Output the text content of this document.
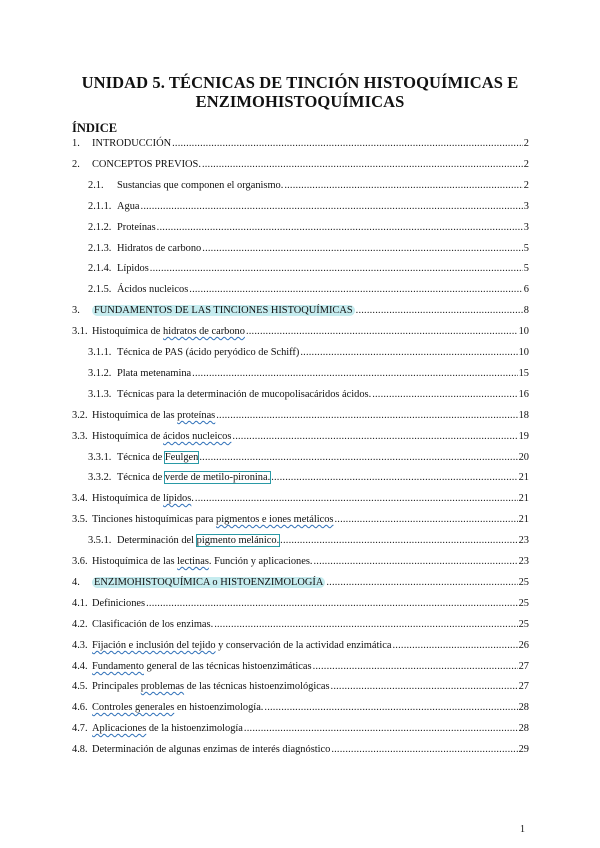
UNIDAD 5. TÉCNICAS DE TINCIÓN HISTOQUÍMICAS E
ENZIMOHISTOQUÍMICAS
ÍNDICE
1.	INTRODUCCIÓN .....	2
2.	CONCEPTOS PREVIOS. .....	2
2.1.	Sustancias que componen el organismo. .....	2
2.1.1. Agua .....	3
2.1.2. Proteínas .....	3
2.1.3. Hidratos de carbono .....	5
2.1.4. Lípidos .....	5
2.1.5. Ácidos nucleicos .....	6
3.	FUNDAMENTOS DE LAS TINCIONES HISTOQUÍMICAS .....	8
3.1. Histoquímica de hidratos de carbono .....	10
3.1.1. Técnica de PAS (ácido peryódico de Schiff) .....	10
3.1.2. Plata metenamina .....	15
3.1.3. Técnicas para la determinación de mucopolisacáridos ácidos. .....	16
3.2. Histoquímica de las proteínas .....	18
3.3. Histoquímica de ácidos nucleicos .....	19
3.3.1. Técnica de Feulgen .....	20
3.3.2. Técnica de verde de metilo-pironina. .....	21
3.4. Histoquímica de lípidos. .....	21
3.5. Tinciones histoquímicas para pigmentos e iones metálicos .....	21
3.5.1. Determinación del pigmento melánico. .....	23
3.6. Histoquímica de las lectinas. Función y aplicaciones. .....	23
4.	ENZIMOHISTOQUÍMICA o HISTOENZIMOLOGÍA .....	25
4.1. Definiciones .....	25
4.2. Clasificación de los enzimas. .....	25
4.3. Fijación e inclusión del tejido y conservación de la actividad enzimática .....	26
4.4. Fundamento general de las técnicas histoenzimáticas .....	27
4.5. Principales problemas de las técnicas histoenzimológicas .....	27
4.6. Controles generales en histoenzimología. .....	28
4.7. Aplicaciones de la histoenzimología .....	28
4.8. Determinación de algunas enzimas de interés diagnóstico .....	29
1
